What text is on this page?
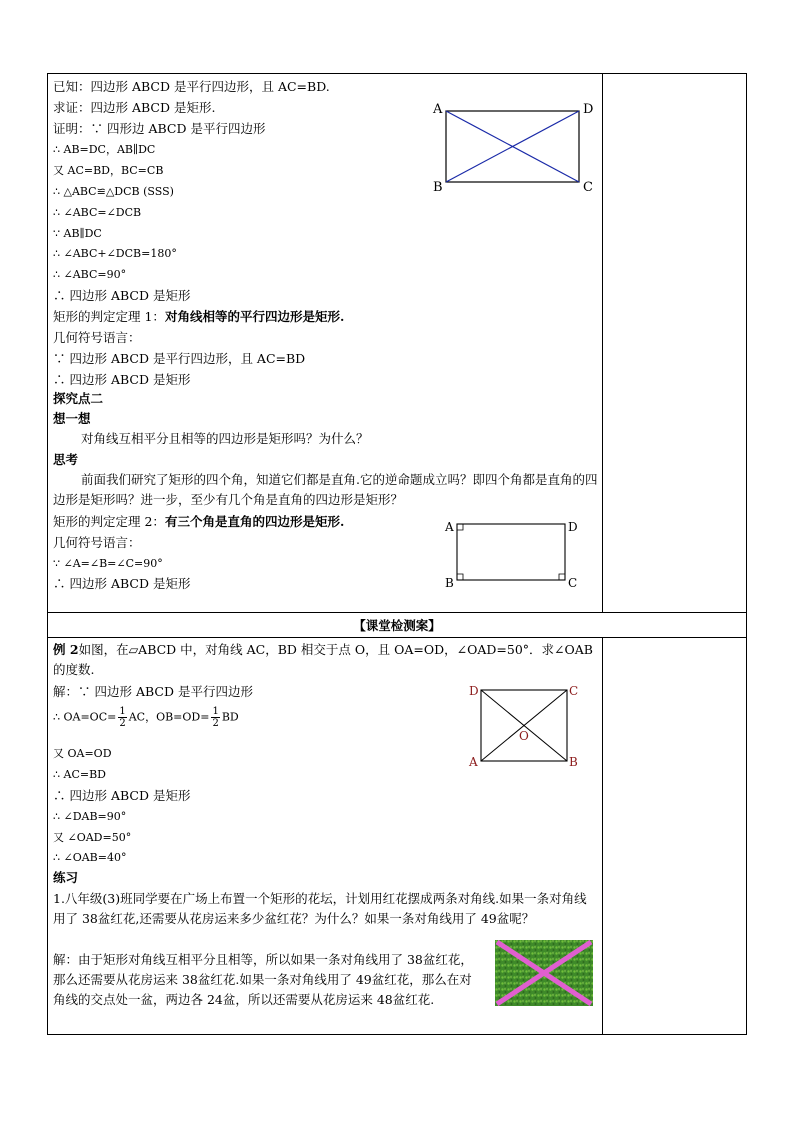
已知：四边形 ABCD 是平行四边形，且 AC=BD.
求证：四边形 ABCD 是矩形.
证明：∵ 四形边 ABCD 是平行四边形
∴ AB=DC，AB∥DC
又 AC=BD，BC=CB
∴ △ABC≌△DCB (SSS)
∴ ∠ABC=∠DCB
∵ AB∥DC
∴ ∠ABC+∠DCB=180°
∴ ∠ABC=90°
∴ 四边形 ABCD 是矩形
矩形的判定定理 1：对角线相等的平行四边形是矩形.
几何符号语言：
∵ 四边形 ABCD 是平行四边形，且 AC=BD
∴ 四边形 ABCD 是矩形
探究点二
想一想
对角线互相平分且相等的四边形是矩形吗？为什么？
思考
前面我们研究了矩形的四个角，知道它们都是直角.它的逆命题成立吗？即四个角都是直角的四边形是矩形吗？进一步，至少有几个角是直角的四边形是矩形？
矩形的判定定理 2：有三个角是直角的四边形是矩形.
几何符号语言：
∵ ∠A=∠B=∠C=90°
∴ 四边形 ABCD 是矩形
A	D
B	C
A	D
B	C
【课堂检测案】
例 2如图，在▱ABCD 中，对角线 AC，BD 相交于点 O，且 OA=OD，∠OAD=50°．求∠OAB 的度数.
解：∵ 四边形 ABCD 是平行四边形
∴ $OA=OC= \frac{1}{2}$ AC，$OB=OD= \frac{1}{2}$ BD
又 OA=OD
∴ AC=BD
∴ 四边形 ABCD 是矩形
∴ ∠DAB=90°
又 ∠OAD=50°
∴ ∠OAB=40°
练习
1.八年级(3)班同学要在广场上布置一个矩形的花坛，计划用红花摆成两条对角线.如果一条对角线用了 38盆红花,还需要从花房运来多少盆红花？为什么？如果一条对角线用了 49盆呢？
解：由于矩形对角线互相平分且相等，所以如果一条对角线用了 38盆红花，那么还需要从花房运来 38盆红花.如果一条对角线用了 49盆红花，那么在对角线的交点处一盆，两边各 24盆，所以还需要从花房运来 48盆红花.
D	C
A	B
O
